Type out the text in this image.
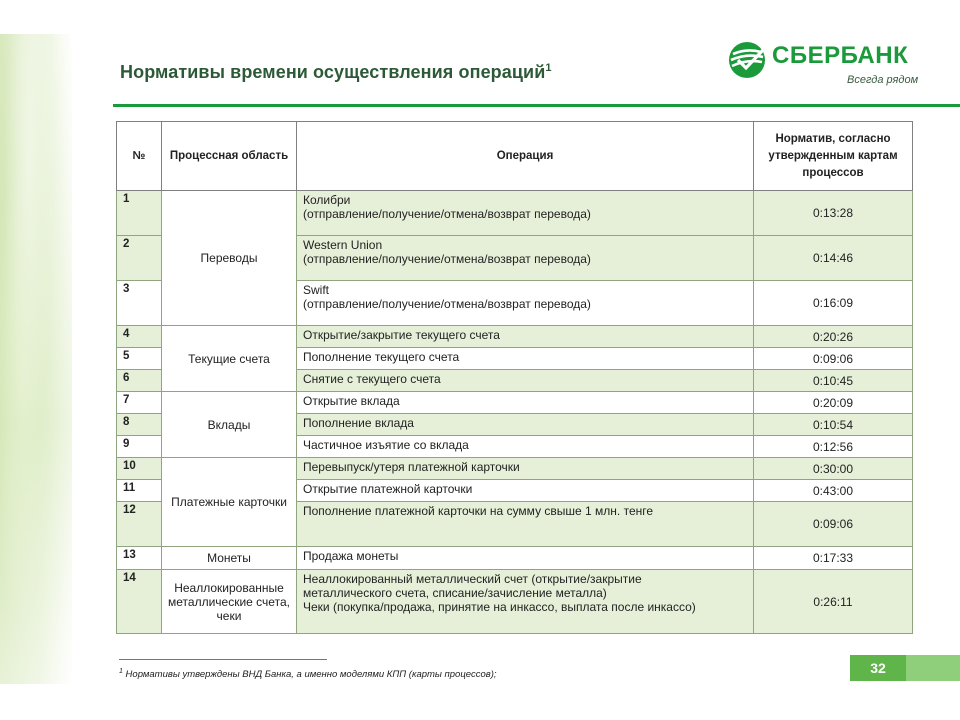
Нормативы времени осуществления операций$^1$	СБЕРБАНК
Всегда рядом
№	Процессная область	Операция	Норматив, согласно утвержденным картам процессов
1	Переводы	Колибри
(отправление/получение/отмена/возврат перевода)	0:13:28
2		Western Union
(отправление/получение/отмена/возврат перевода)	0:14:46
3		Swift
(отправление/получение/отмена/возврат перевода)	0:16:09
4	Текущие счета	Открытие/закрытие текущего счета	0:20:26
5		Пополнение текущего счета	0:09:06
6		Снятие с текущего счета	0:10:45
7	Вклады	Открытие вклада	0:20:09
8		Пополнение вклада	0:10:54
9		Частичное изъятие со вклада	0:12:56
10	Платежные карточки	Перевыпуск/утеря платежной карточки	0:30:00
11		Открытие платежной карточки	0:43:00
12		Пополнение платежной карточки на сумму свыше 1 млн. тенге	0:09:06
13	Монеты	Продажа монеты	0:17:33
14	Неаллокированные металлические счета, чеки	Неаллокированный металлический счет (открытие/закрытие
металлического счета, списание/зачисление металла)
Чеки (покупка/продажа, принятие на инкассо, выплата после инкассо)	0:26:11
$^1$ Нормативы утверждены ВНД Банка, а именно моделями КПП (карты процессов);	32
